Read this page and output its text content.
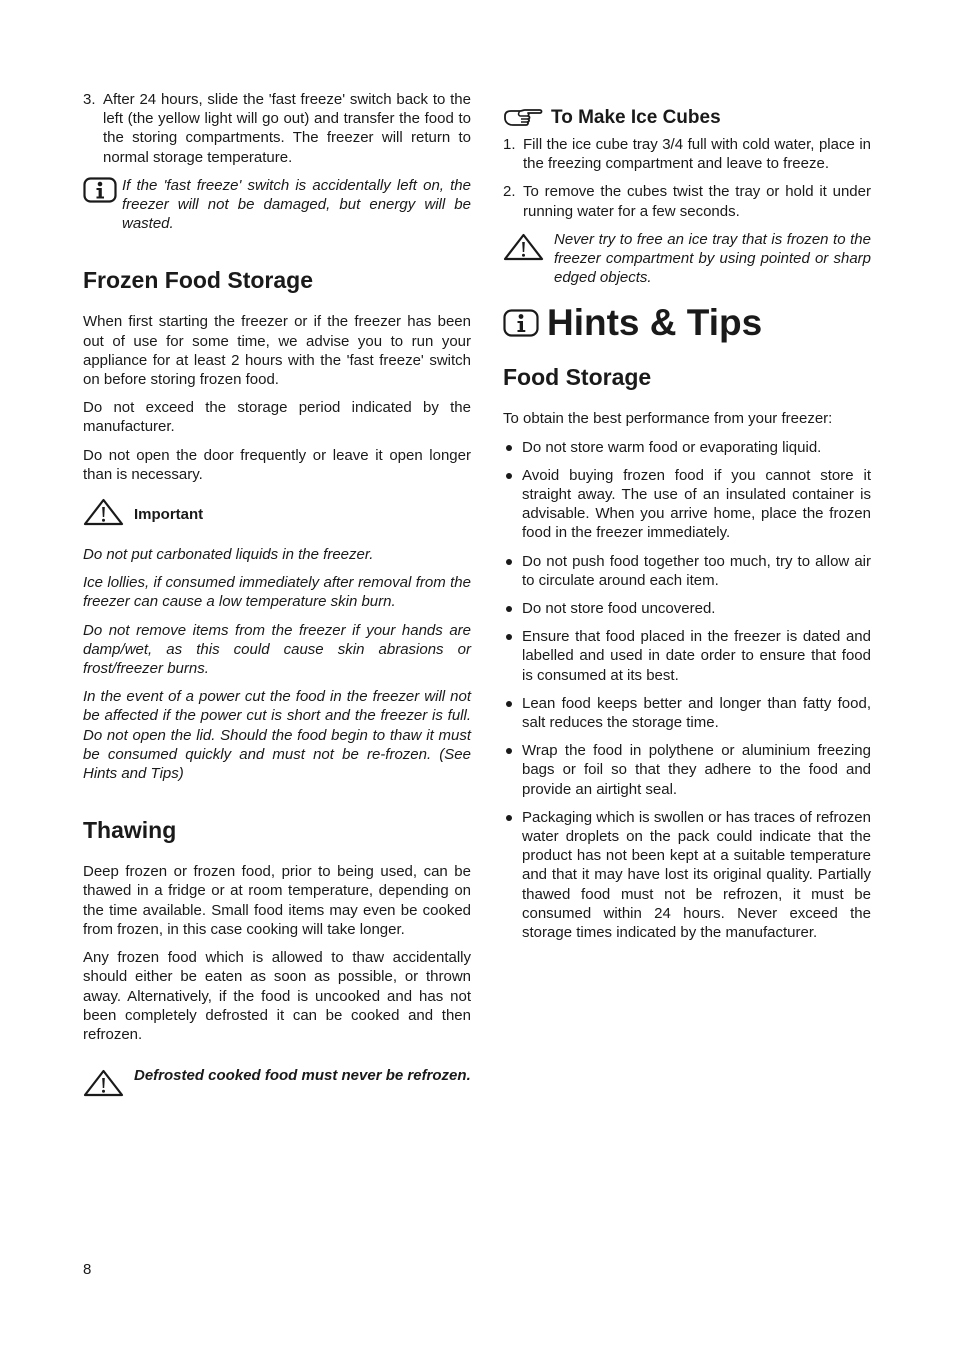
3. After 24 hours, slide the 'fast freeze' switch back to the left (the yellow light will go out) and transfer the food to the storing compartments. The freezer will return to normal storage temperature.

If the 'fast freeze' switch is accidentally left on, the freezer will not be damaged, but energy will be wasted.

Frozen Food Storage

When first starting the freezer or if the freezer has been out of use for some time, we advise you to run your appliance for at least 2 hours with the 'fast freeze' switch on before storing frozen food.

Do not exceed the storage period indicated by the manufacturer.

Do not open the door frequently or leave it open longer than is necessary.

Important

Do not put carbonated liquids in the freezer.

Ice lollies, if consumed immediately after removal from the freezer can cause a low temperature skin burn.

Do not remove items from the freezer if your hands are damp/wet, as this could cause skin abrasions or frost/freezer burns.

In the event of a power cut the food in the freezer will not be affected if the power cut is short and the freezer is full. Do not open the lid. Should the food begin to thaw it must be consumed quickly and must not be re-frozen. (See Hints and Tips)

Thawing

Deep frozen or frozen food, prior to being used, can be thawed in a fridge or at room temperature, depending on the time available. Small food items may even be cooked from frozen, in this case cooking will take longer.

Any frozen food which is allowed to thaw accidentally should either be eaten as soon as possible, or thrown away. Alternatively, if the food is uncooked and has not been completely defrosted it can be cooked and then refrozen.

Defrosted cooked food must never be refrozen.

To Make Ice Cubes
1. Fill the ice cube tray 3/4 full with cold water, place in the freezing compartment and leave to freeze.
2. To remove the cubes twist the tray or hold it under running water for a few seconds.

Never try to free an ice tray that is frozen to the freezer compartment by using pointed or sharp edged objects.

Hints & Tips
Food Storage

To obtain the best performance from your freezer:

Do not store warm food or evaporating liquid.
Avoid buying frozen food if you cannot store it straight away. The use of an insulated container is advisable. When you arrive home, place the frozen food in the freezer immediately.
Do not push food together too much, try to allow air to circulate around each item.
Do not store food uncovered.
Ensure that food placed in the freezer is dated and labelled and used in date order to ensure that food is consumed at its best.
Lean food keeps better and longer than fatty food, salt reduces the storage time.
Wrap the food in polythene or aluminium freezing bags or foil so that they adhere to the food and provide an airtight seal.
Packaging which is swollen or has traces of refrozen water droplets on the pack could indicate that the product has not been kept at a suitable temperature and that it may have lost its original quality. Partially thawed food must not be refrozen, it must be consumed within 24 hours. Never exceed the storage times indicated by the manufacturer.
8
